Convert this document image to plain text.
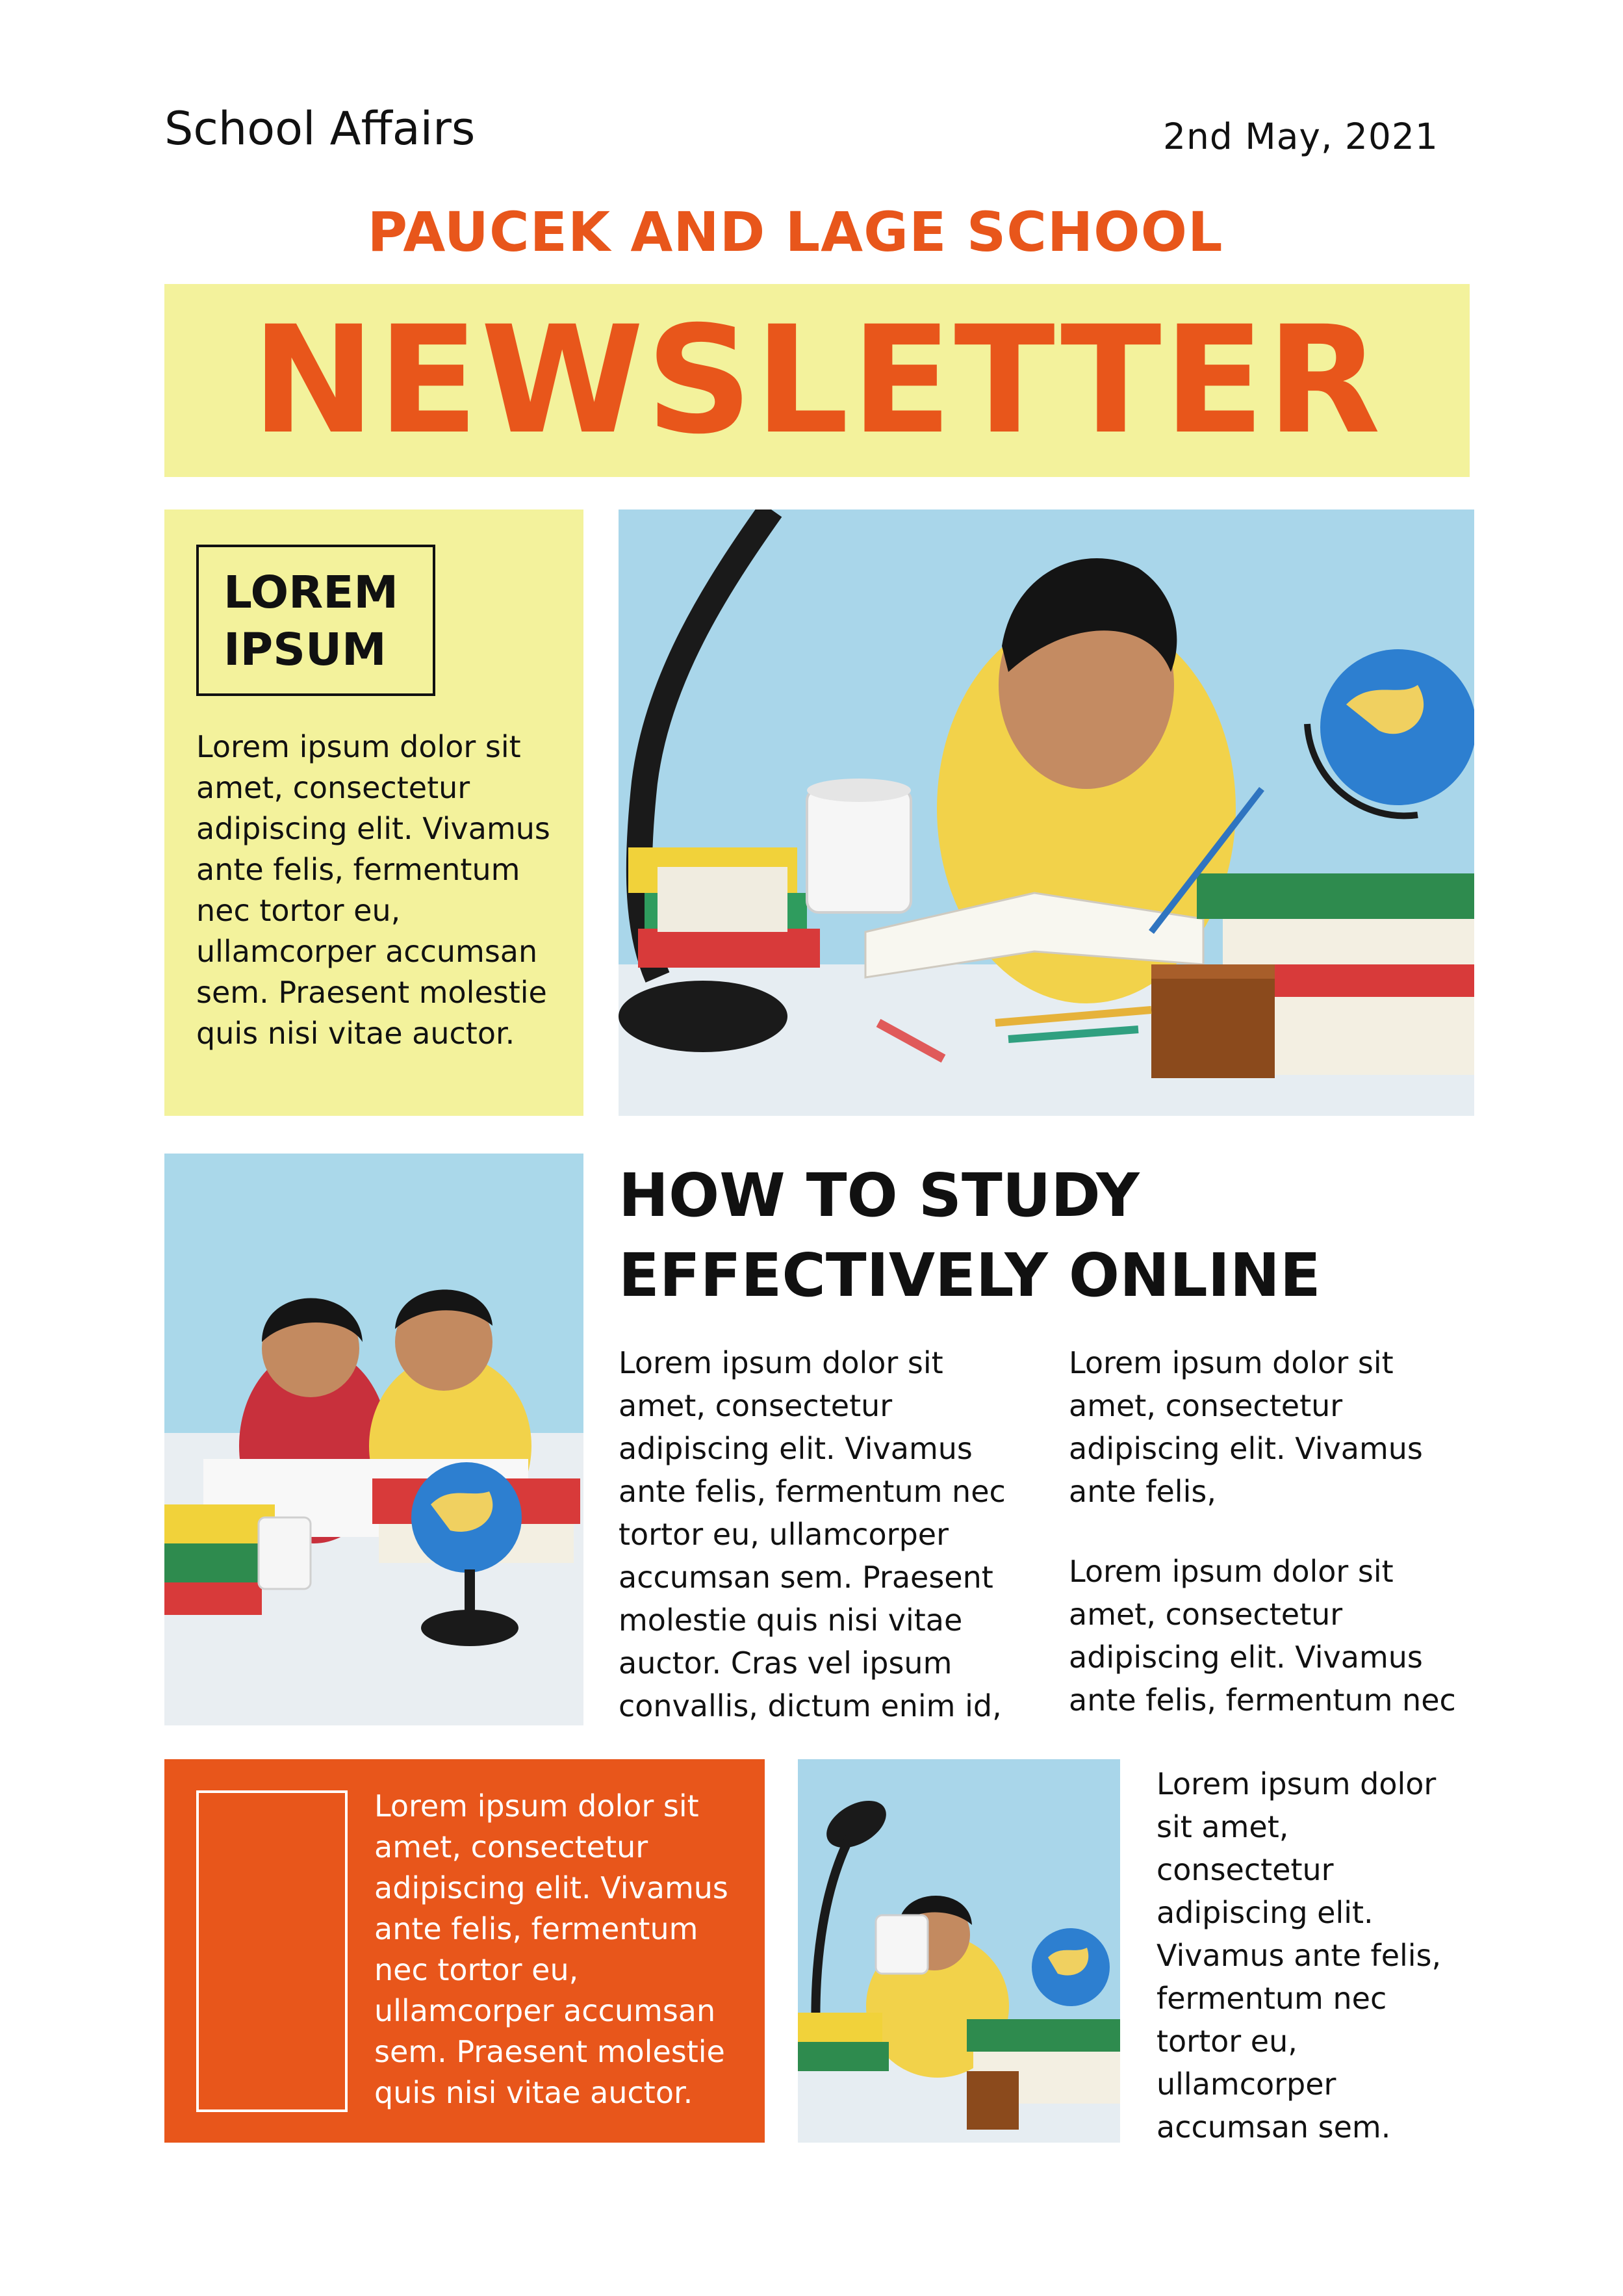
School Affairs	2nd May, 2021
PAUCEK AND LAGE SCHOOL
NEWSLETTER
LOREM
IPSUM
Lorem ipsum dolor sit
amet, consectetur
adipiscing elit. Vivamus
ante felis, fermentum
nec tortor eu,
ullamcorper accumsan
sem. Praesent molestie
quis nisi vitae auctor.
HOW TO STUDY
EFFECTIVELY ONLINE
Lorem ipsum dolor sit
amet, consectetur
adipiscing elit. Vivamus
ante felis, fermentum nec
tortor eu, ullamcorper
accumsan sem. Praesent
molestie quis nisi vitae
auctor. Cras vel ipsum
convallis, dictum enim id,
Lorem ipsum dolor sit
amet, consectetur
adipiscing elit. Vivamus
ante felis,
Lorem ipsum dolor sit
amet, consectetur
adipiscing elit. Vivamus
ante felis, fermentum nec
Lorem ipsum dolor sit
amet, consectetur
adipiscing elit. Vivamus
ante felis, fermentum
nec tortor eu,
ullamcorper accumsan
sem. Praesent molestie
quis nisi vitae auctor.
Lorem ipsum dolor
sit amet,
consectetur
adipiscing elit.
Vivamus ante felis,
fermentum nec
tortor eu,
ullamcorper
accumsan sem.
